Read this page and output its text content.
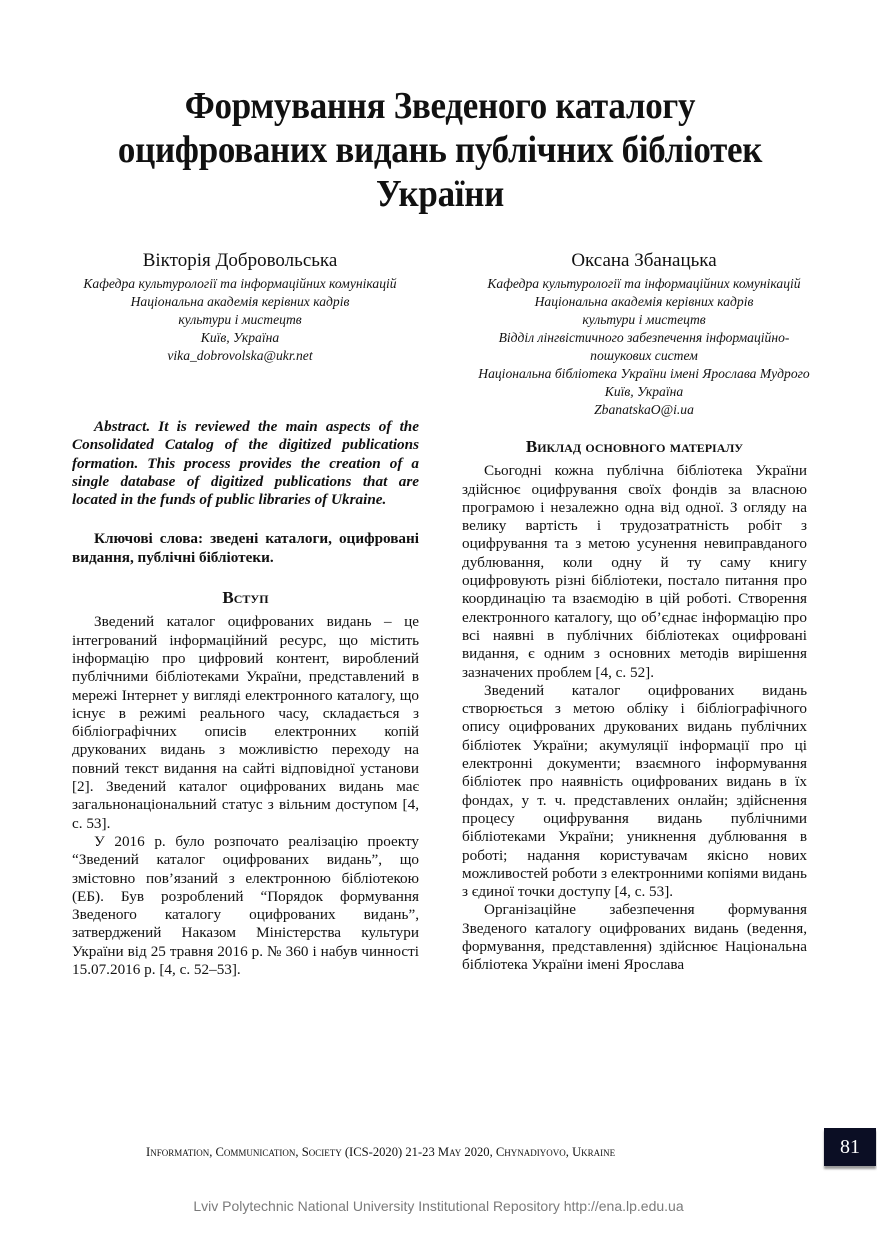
Формування Зведеного каталогу
оцифрованих видань публічних бібліотек
України
Вікторія Добровольська
Кафедра культурології та інформаційних комунікацій
Національна академія керівних кадрів
культури і мистецтв
Київ, Україна
vika_dobrovolska@ukr.net
Оксана Збанацька
Кафедра культурології та інформаційних комунікацій
Національна академія керівних кадрів
культури і мистецтв
Відділ лінгвістичного забезпечення інформаційно-
пошукових систем
Національна бібліотека України імені Ярослава Мудрого
Київ, Україна
ZbanatskaO@i.ua

Abstract. It is reviewed the main aspects of the Consolidated Catalog of the digitized publications formation. This process provides the creation of a single database of digitized publications that are located in the funds of public libraries of Ukraine.

Ключові слова: зведені каталоги, оцифровані видання, публічні бібліотеки.

Вступ

Зведений каталог оцифрованих видань – це інтегрований інформаційний ресурс, що містить інформацію про цифровий контент, вироблений публічними бібліотеками України, представлений в мережі Інтернет у вигляді електронного каталогу, що існує в режимі реального часу, складається з бібліографічних описів електронних копій друкованих видань з можливістю переходу на повний текст видання на сайті відповідної установи [2]. Зведений каталог оцифрованих видань має загальнонаціональний статус з вільним доступом [4, с. 53].

У 2016 р. було розпочато реалізацію проекту “Зведений каталог оцифрованих видань”, що змістовно пов’язаний з електронною бібліотекою (ЕБ). Був розроблений “Порядок формування Зведеного каталогу оцифрованих видань”, затверджений Наказом Міністерства культури України від 25 травня 2016 р. № 360 і набув чинності 15.07.2016 р. [4, с. 52–53].

Виклад основного матеріалу

Сьогодні кожна публічна бібліотека України здійснює оцифрування своїх фондів за власною програмою і незалежно одна від одної. З огляду на велику вартість і трудозатратність робіт з оцифрування та з метою усунення невиправданого дублювання, коли одну й ту саму книгу оцифровують різні бібліотеки, постало питання про координацію та взаємодію в цій роботі. Створення електронного каталогу, що об’єднає інформацію про всі наявні в публічних бібліотеках оцифровані видання, є одним з основних методів вирішення зазначених проблем [4, с. 52].

Зведений каталог оцифрованих видань створюється з метою обліку і бібліографічного опису оцифрованих друкованих видань публічних бібліотек України; акумуляції інформації про ці електронні документи; взаємного інформування бібліотек про наявність оцифрованих видань в їх фондах, у т. ч. представлених онлайн; здійснення процесу оцифрування видань публічними бібліотеками України; уникнення дублювання в роботі; надання користувачам якісно нових можливостей роботи з електронними копіями видань з єдиної точки доступу [4, с. 53].

Організаційне забезпечення формування Зведеного каталогу оцифрованих видань (ведення, формування, представлення) здійснює Національна бібліотека України імені Ярослава

Information, Communication, Society (ICS-2020) 21-23 May 2020, Chynadiyovo, Ukraine	81
Lviv Polytechnic National University Institutional Repository http://ena.lp.edu.ua
